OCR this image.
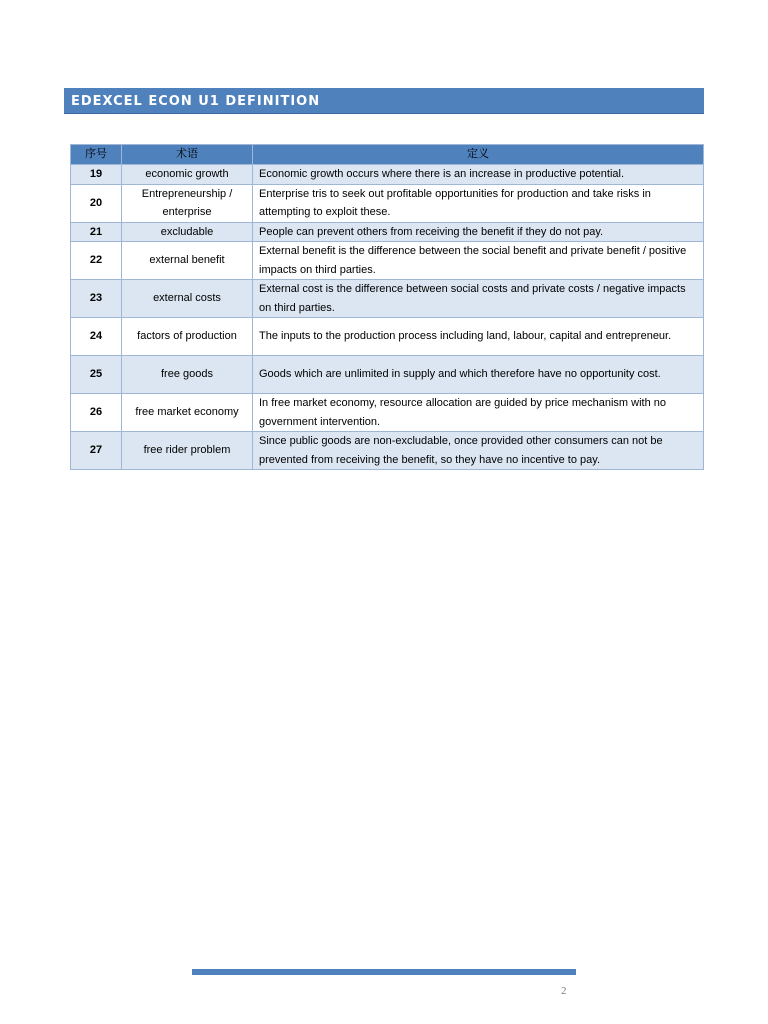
EDEXCEL ECON U1 DEFINITION
序号	术语	定义
19	economic growth	Economic growth occurs where there is an increase in productive potential.
20	Entrepreneurship / enterprise	Enterprise tris to seek out profitable opportunities for production and take risks in attempting to exploit these.
21	excludable	People can prevent others from receiving the benefit if they do not pay.
22	external benefit	External benefit is the difference between the social benefit and private benefit / positive impacts on third parties.
23	external costs	External cost is the difference between social costs and private costs / negative impacts on third parties.
24	factors of production	The inputs to the production process including land, labour, capital and entrepreneur.
25	free goods	Goods which are unlimited in supply and which therefore have no opportunity cost.
26	free market economy	In free market economy, resource allocation are guided by price mechanism with no government intervention.
27	free rider problem	Since public goods are non-excludable, once provided other consumers can not be prevented from receiving the benefit, so they have no incentive to pay.
2
